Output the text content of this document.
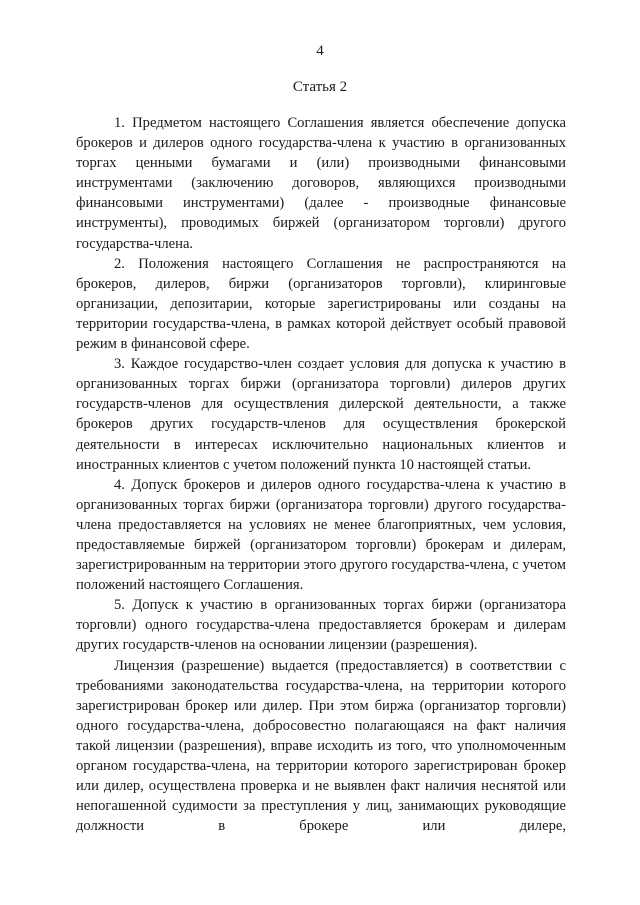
4
Статья 2

1. Предметом настоящего Соглашения является обеспечение допуска брокеров и дилеров одного государства-члена к участию в организованных торгах ценными бумагами и (или) производными финансовыми инструментами (заключению договоров, являющихся производными финансовыми инструментами) (далее - производные финансовые инструменты), проводимых биржей (организатором торговли) другого государства-члена.

2. Положения настоящего Соглашения не распространяются на брокеров, дилеров, биржи (организаторов торговли), клиринговые организации, депозитарии, которые зарегистрированы или созданы на территории государства-члена, в рамках которой действует особый правовой режим в финансовой сфере.

3. Каждое государство-член создает условия для допуска к участию в организованных торгах биржи (организатора торговли) дилеров других государств-членов для осуществления дилерской деятельности, а также брокеров других государств-членов для осуществления брокерской деятельности в интересах исключительно национальных клиентов и иностранных клиентов с учетом положений пункта 10 настоящей статьи.

4. Допуск брокеров и дилеров одного государства-члена к участию в организованных торгах биржи (организатора торговли) другого государства-члена предоставляется на условиях не менее благоприятных, чем условия, предоставляемые биржей (организатором торговли) брокерам и дилерам, зарегистрированным на территории этого другого государства-члена, с учетом положений настоящего Соглашения.

5. Допуск к участию в организованных торгах биржи (организатора торговли) одного государства-члена предоставляется брокерам и дилерам других государств-членов на основании лицензии (разрешения).

Лицензия (разрешение) выдается (предоставляется) в соответствии с требованиями законодательства государства-члена, на территории которого зарегистрирован брокер или дилер. При этом биржа (организатор торговли) одного государства-члена, добросовестно полагающаяся на факт наличия такой лицензии (разрешения), вправе исходить из того, что уполномоченным органом государства-члена, на территории которого зарегистрирован брокер или дилер, осуществлена проверка и не выявлен факт наличия неснятой или непогашенной судимости за преступления у лиц, занимающих руководящие должности в брокере или дилере,
